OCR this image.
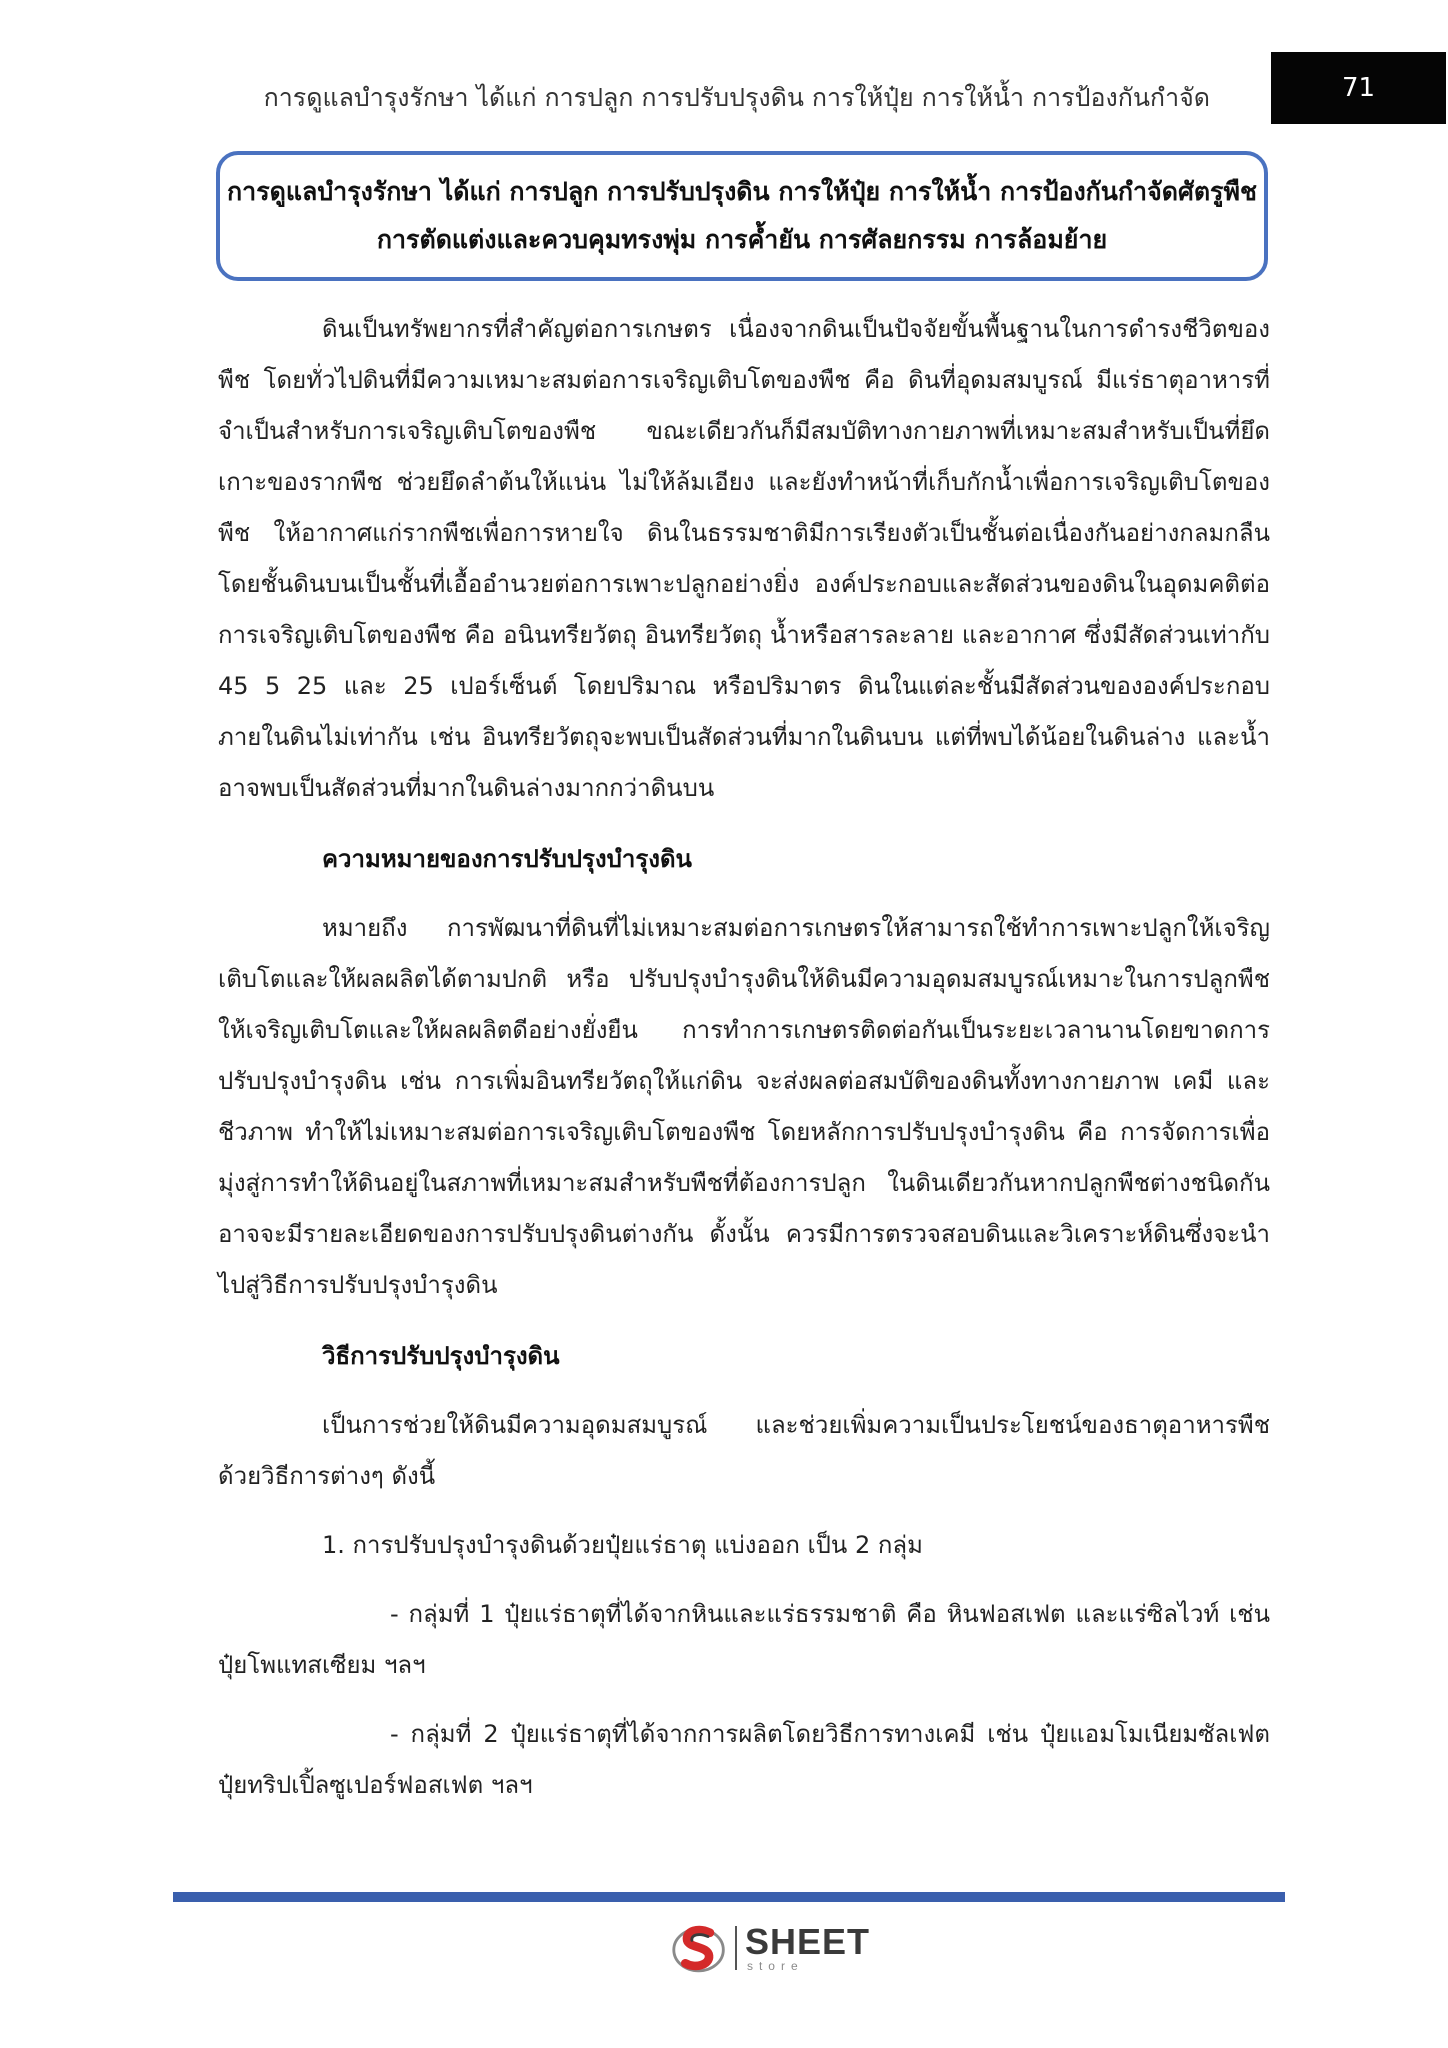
การดูแลบำรุงรักษา ได้แก่ การปลูก การปรับปรุงดิน การให้ปุ๋ย การให้น้ำ การป้องกันกำจัด	71
การดูแลบำรุงรักษา ได้แก่ การปลูก การปรับปรุงดิน การให้ปุ๋ย การให้น้ำ การป้องกันกำจัดศัตรูพืช
การตัดแต่งและควบคุมทรงพุ่ม การค้ำยัน การศัลยกรรม การล้อมย้าย

ดินเป็นทรัพยากรที่สำคัญต่อการเกษตร เนื่องจากดินเป็นปัจจัยขั้นพื้นฐานในการดำรงชีวิตของพืช โดยทั่วไปดินที่มีความเหมาะสมต่อการเจริญเติบโตของพืช คือ ดินที่อุดมสมบูรณ์ มีแร่ธาตุอาหารที่จำเป็นสำหรับการเจริญเติบโตของพืช ขณะเดียวกันก็มีสมบัติทางกายภาพที่เหมาะสมสำหรับเป็นที่ยึดเกาะของรากพืช ช่วยยึดลำต้นให้แน่น ไม่ให้ล้มเอียง และยังทำหน้าที่เก็บกักน้ำเพื่อการเจริญเติบโตของพืช ให้อากาศแก่รากพืชเพื่อการหายใจ ดินในธรรมชาติมีการเรียงตัวเป็นชั้นต่อเนื่องกันอย่างกลมกลืน โดยชั้นดินบนเป็นชั้นที่เอื้ออำนวยต่อการเพาะปลูกอย่างยิ่ง องค์ประกอบและสัดส่วนของดินในอุดมคติต่อการเจริญเติบโตของพืช คือ อนินทรียวัตถุ อินทรียวัตถุ น้ำหรือสารละลาย และอากาศ ซึ่งมีสัดส่วนเท่ากับ 45 5 25 และ 25 เปอร์เซ็นต์ โดยปริมาณ หรือปริมาตร ดินในแต่ละชั้นมีสัดส่วนขององค์ประกอบภายในดินไม่เท่ากัน เช่น อินทรียวัตถุจะพบเป็นสัดส่วนที่มากในดินบน แต่ที่พบได้น้อยในดินล่าง และน้ำอาจพบเป็นสัดส่วนที่มากในดินล่างมากกว่าดินบน

ความหมายของการปรับปรุงบำรุงดิน

หมายถึง การพัฒนาที่ดินที่ไม่เหมาะสมต่อการเกษตรให้สามารถใช้ทำการเพาะปลูกให้เจริญเติบโตและให้ผลผลิตได้ตามปกติ หรือ ปรับปรุงบำรุงดินให้ดินมีความอุดมสมบูรณ์เหมาะในการปลูกพืชให้เจริญเติบโตและให้ผลผลิตดีอย่างยั่งยืน การทำการเกษตรติดต่อกันเป็นระยะเวลานานโดยขาดการปรับปรุงบำรุงดิน เช่น การเพิ่มอินทรียวัตถุให้แก่ดิน จะส่งผลต่อสมบัติของดินทั้งทางกายภาพ เคมี และชีวภาพ ทำให้ไม่เหมาะสมต่อการเจริญเติบโตของพืช โดยหลักการปรับปรุงบำรุงดิน คือ การจัดการเพื่อมุ่งสู่การทำให้ดินอยู่ในสภาพที่เหมาะสมสำหรับพืชที่ต้องการปลูก ในดินเดียวกันหากปลูกพืชต่างชนิดกันอาจจะมีรายละเอียดของการปรับปรุงดินต่างกัน ดั้งนั้น ควรมีการตรวจสอบดินและวิเคราะห์ดินซึ่งจะนำไปสู่วิธีการปรับปรุงบำรุงดิน

วิธีการปรับปรุงบำรุงดิน

เป็นการช่วยให้ดินมีความอุดมสมบูรณ์ และช่วยเพิ่มความเป็นประโยชน์ของธาตุอาหารพืชด้วยวิธีการต่างๆ ดังนี้

1. การปรับปรุงบำรุงดินด้วยปุ๋ยแร่ธาตุ แบ่งออก เป็น 2 กลุ่ม

- กลุ่มที่ 1 ปุ๋ยแร่ธาตุที่ได้จากหินและแร่ธรรมชาติ คือ หินฟอสเฟต และแร่ซิลไวท์ เช่น ปุ๋ยโพแทสเซียม ฯลฯ

- กลุ่มที่ 2 ปุ๋ยแร่ธาตุที่ได้จากการผลิตโดยวิธีการทางเคมี เช่น ปุ๋ยแอมโมเนียมซัลเฟต ปุ๋ยทริปเปิ้ลซูเปอร์ฟอสเฟต ฯลฯ

SHEET
store
